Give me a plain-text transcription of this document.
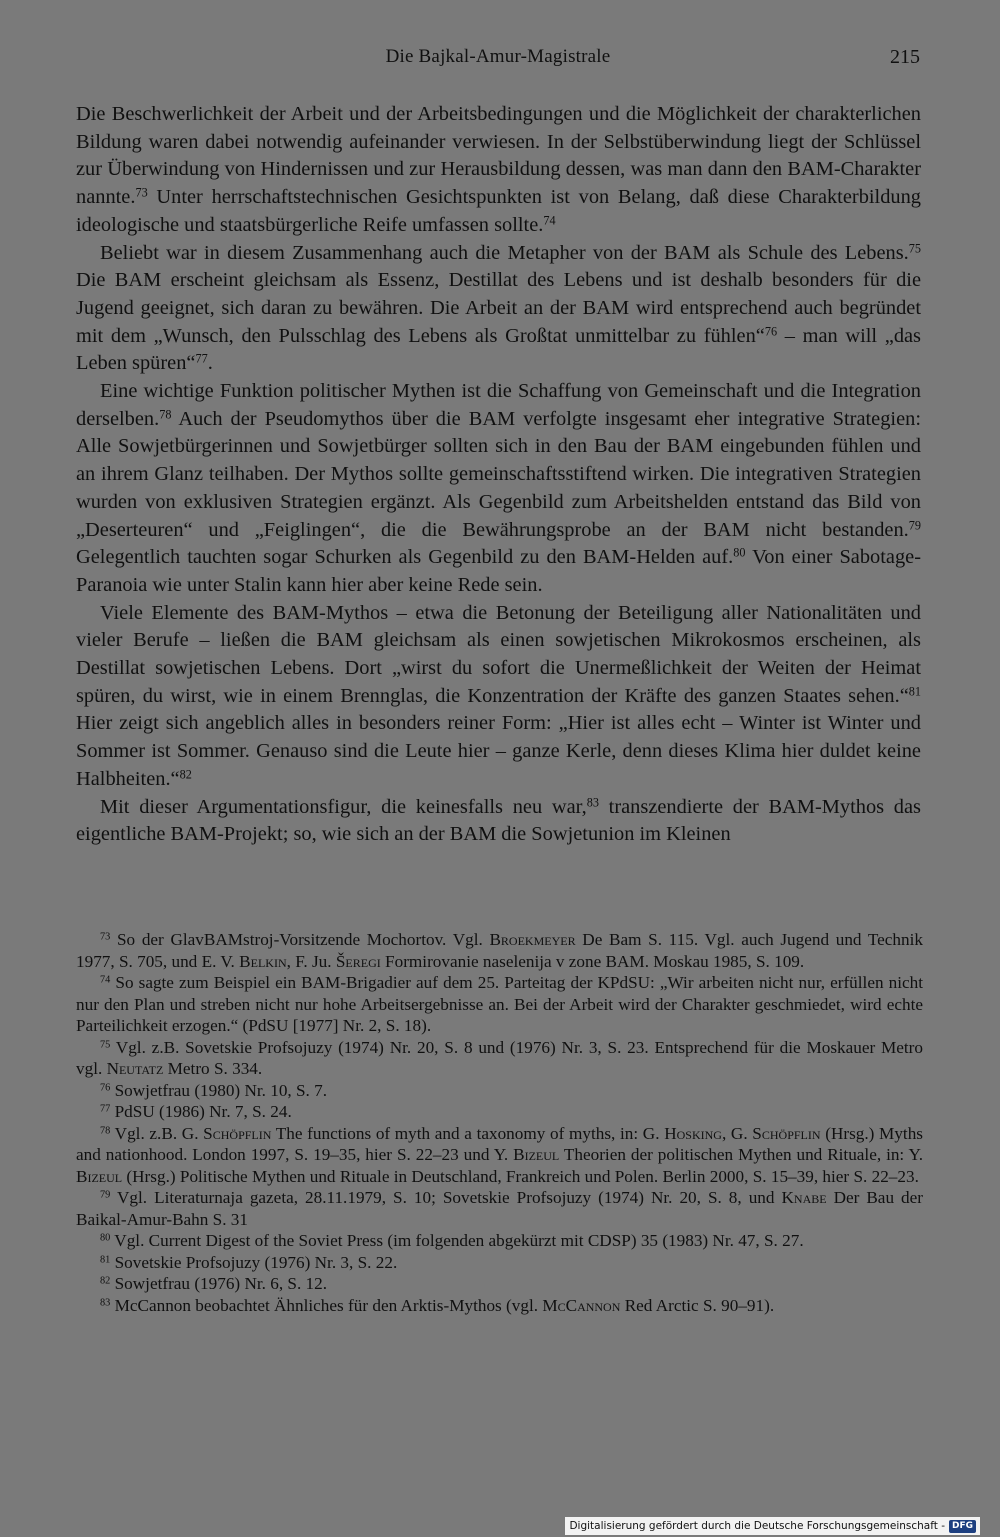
Die Bajkal-Amur-Magistrale	215

Die Beschwerlichkeit der Arbeit und der Arbeitsbedingungen und die Möglichkeit der charakterlichen Bildung waren dabei notwendig aufeinander verwiesen. In der Selbstüberwindung liegt der Schlüssel zur Überwindung von Hindernissen und zur Herausbildung dessen, was man dann den BAM-Charakter nannte.$^{73}$ Unter herrschaftstechnischen Gesichtspunkten ist von Belang, daß diese Charakterbildung ideologische und staatsbürgerliche Reife umfassen sollte.$^{74}$

Beliebt war in diesem Zusammenhang auch die Metapher von der BAM als Schule des Lebens.$^{75}$ Die BAM erscheint gleichsam als Essenz, Destillat des Lebens und ist deshalb besonders für die Jugend geeignet, sich daran zu bewähren. Die Arbeit an der BAM wird entsprechend auch begründet mit dem „Wunsch, den Pulsschlag des Lebens als Großtat unmittelbar zu fühlen“$^{76}$ – man will „das Leben spüren“$^{77}$.

Eine wichtige Funktion politischer Mythen ist die Schaffung von Gemeinschaft und die Integration derselben.$^{78}$ Auch der Pseudomythos über die BAM verfolgte insgesamt eher integrative Strategien: Alle Sowjetbürgerinnen und Sowjetbürger sollten sich in den Bau der BAM eingebunden fühlen und an ihrem Glanz teilhaben. Der Mythos sollte gemeinschaftsstiftend wirken. Die integrativen Strategien wurden von exklusiven Strategien ergänzt. Als Gegenbild zum Arbeitshelden entstand das Bild von „Deserteuren“ und „Feiglingen“, die die Bewährungsprobe an der BAM nicht bestanden.$^{79}$ Gelegentlich tauchten sogar Schurken als Gegenbild zu den BAM-Helden auf.$^{80}$ Von einer Sabotage-Paranoia wie unter Stalin kann hier aber keine Rede sein.

Viele Elemente des BAM-Mythos – etwa die Betonung der Beteiligung aller Nationalitäten und vieler Berufe – ließen die BAM gleichsam als einen sowjetischen Mikrokosmos erscheinen, als Destillat sowjetischen Lebens. Dort „wirst du sofort die Unermeßlichkeit der Weiten der Heimat spüren, du wirst, wie in einem Brennglas, die Konzentration der Kräfte des ganzen Staates sehen.“$^{81}$ Hier zeigt sich angeblich alles in besonders reiner Form: „Hier ist alles echt – Winter ist Winter und Sommer ist Sommer. Genauso sind die Leute hier – ganze Kerle, denn dieses Klima hier duldet keine Halbheiten.“$^{82}$

Mit dieser Argumentationsfigur, die keinesfalls neu war,$^{83}$ transzendierte der BAM-Mythos das eigentliche BAM-Projekt; so, wie sich an der BAM die Sowjetunion im Kleinen

$^{73}$ So der GlavBAMstroj-Vorsitzende Mochortov. Vgl. Broekmeyer De Bam S. 115. Vgl. auch Jugend und Technik 1977, S. 705, und E. V. Belkin, F. Ju. Šeregi Formirovanie naselenija v zone BAM. Moskau 1985, S. 109.

$^{74}$ So sagte zum Beispiel ein BAM-Brigadier auf dem 25. Parteitag der KPdSU: „Wir arbeiten nicht nur, erfüllen nicht nur den Plan und streben nicht nur hohe Arbeitsergebnisse an. Bei der Arbeit wird der Charakter geschmiedet, wird echte Parteilichkeit erzogen.“ (PdSU [1977] Nr. 2, S. 18).

$^{75}$ Vgl. z.B. Sovetskie Profsojuzy (1974) Nr. 20, S. 8 und (1976) Nr. 3, S. 23. Entsprechend für die Moskauer Metro vgl. Neutatz Metro S. 334.

$^{76}$ Sowjetfrau (1980) Nr. 10, S. 7.

$^{77}$ PdSU (1986) Nr. 7, S. 24.

$^{78}$ Vgl. z.B. G. Schöpflin The functions of myth and a taxonomy of myths, in: G. Hosking, G. Schöpflin (Hrsg.) Myths and nationhood. London 1997, S. 19–35, hier S. 22–23 und Y. Bizeul Theorien der politischen Mythen und Rituale, in: Y. Bizeul (Hrsg.) Politische Mythen und Rituale in Deutschland, Frankreich und Polen. Berlin 2000, S. 15–39, hier S. 22–23.

$^{79}$ Vgl. Literaturnaja gazeta, 28.11.1979, S. 10; Sovetskie Profsojuzy (1974) Nr. 20, S. 8, und Knabe Der Bau der Baikal-Amur-Bahn S. 31

$^{80}$ Vgl. Current Digest of the Soviet Press (im folgenden abgekürzt mit CDSP) 35 (1983) Nr. 47, S. 27.

$^{81}$ Sovetskie Profsojuzy (1976) Nr. 3, S. 22.

$^{82}$ Sowjetfrau (1976) Nr. 6, S. 12.

$^{83}$ McCannon beobachtet Ähnliches für den Arktis-Mythos (vgl. McCannon Red Arctic S. 90–91).

Digitalisierung gefördert durch die Deutsche Forschungsgemeinschaft - DFG
